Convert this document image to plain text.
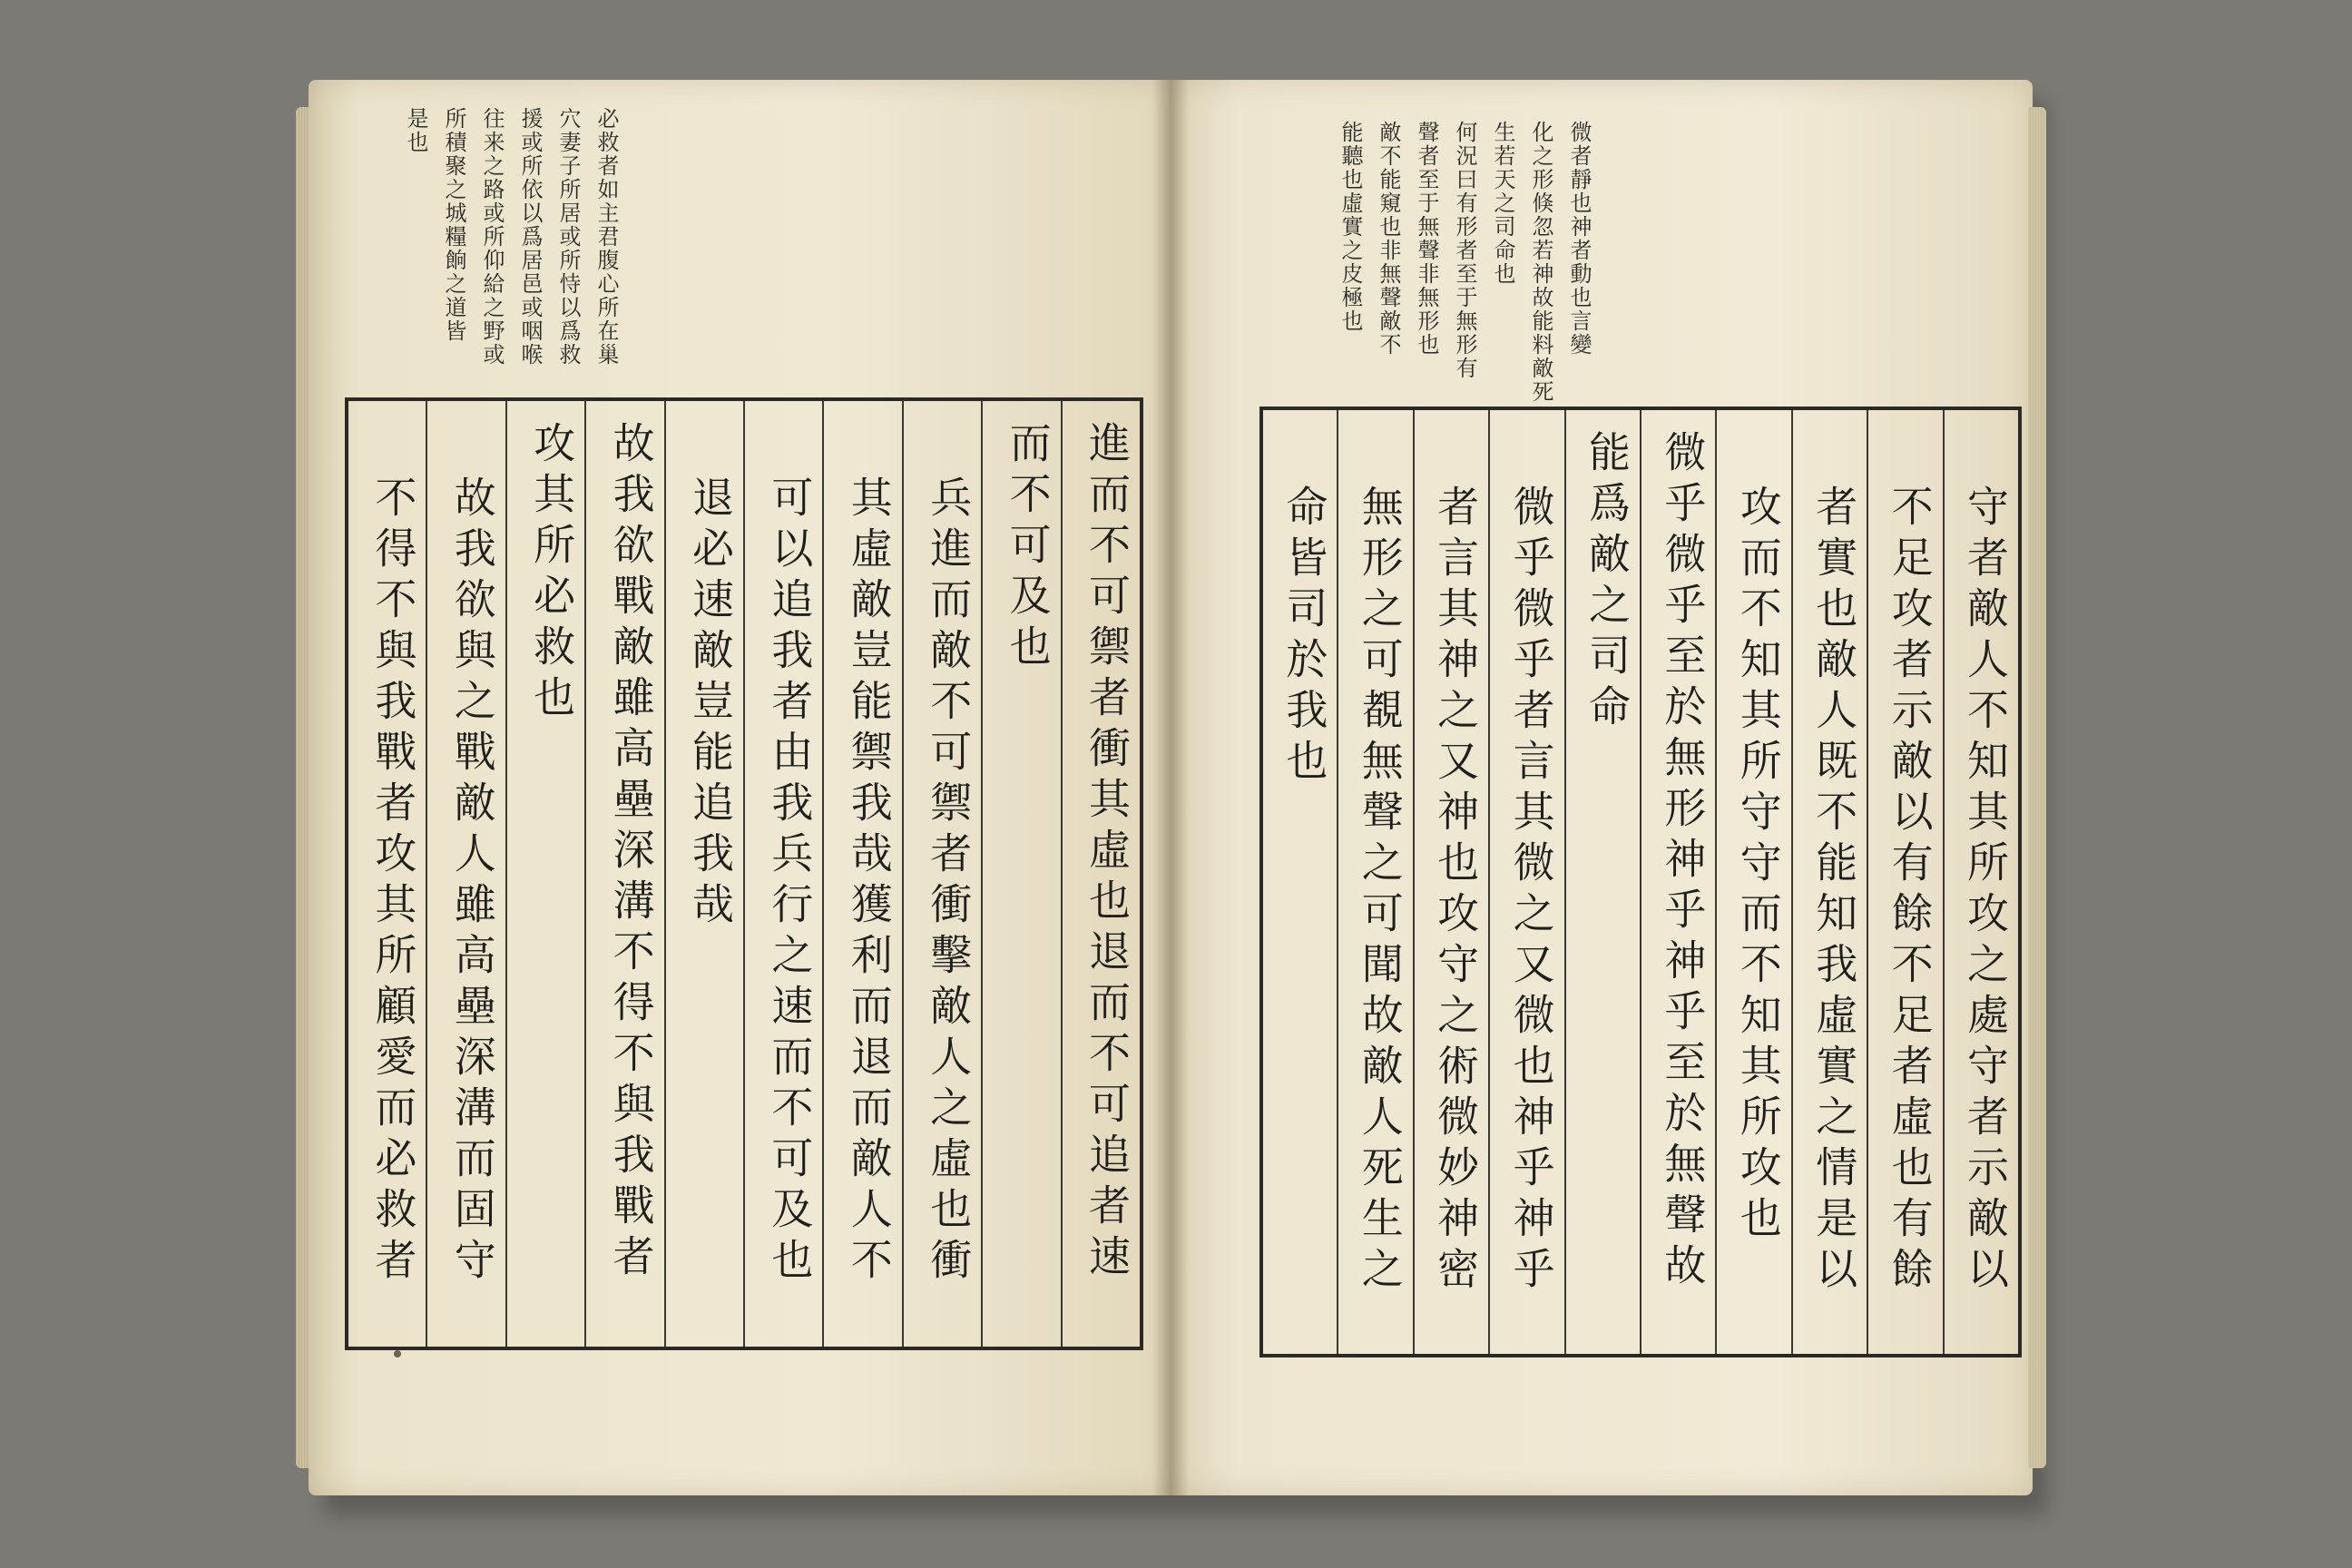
必救者如主君腹心所在巢
穴妻子所居或所恃以爲救
援或所依以爲居邑或咽喉
往来之路或所仰給之野或
所積聚之城糧餉之道皆
是也
進而不可禦者衝其虛也退而不可追者速
而不可及也
兵進而敵不可禦者衝擊敵人之虛也衝
其虛敵豈能禦我哉獲利而退而敵人不
可以追我者由我兵行之速而不可及也
退必速敵豈能追我哉
故我欲戰敵雖高壘深溝不得不與我戰者
攻其所必救也
故我欲與之戰敵人雖高壘深溝而固守
不得不與我戰者攻其所顧愛而必救者
微者靜也神者動也言變
化之形倏忽若神故能料敵死
生若天之司命也
何況曰有形者至于無形有
聲者至于無聲非無形也
敵不能窺也非無聲敵不
能聽也虛實之皮極也
守者敵人不知其所攻之處守者示敵以
不足攻者示敵以有餘不足者虛也有餘
者實也敵人既不能知我虛實之情是以
攻而不知其所守守而不知其所攻也
微乎微乎至於無形神乎神乎至於無聲故
能爲敵之司命
微乎微乎者言其微之又微也神乎神乎
者言其神之又神也攻守之術微妙神密
無形之可覩無聲之可聞故敵人死生之
命皆司於我也
